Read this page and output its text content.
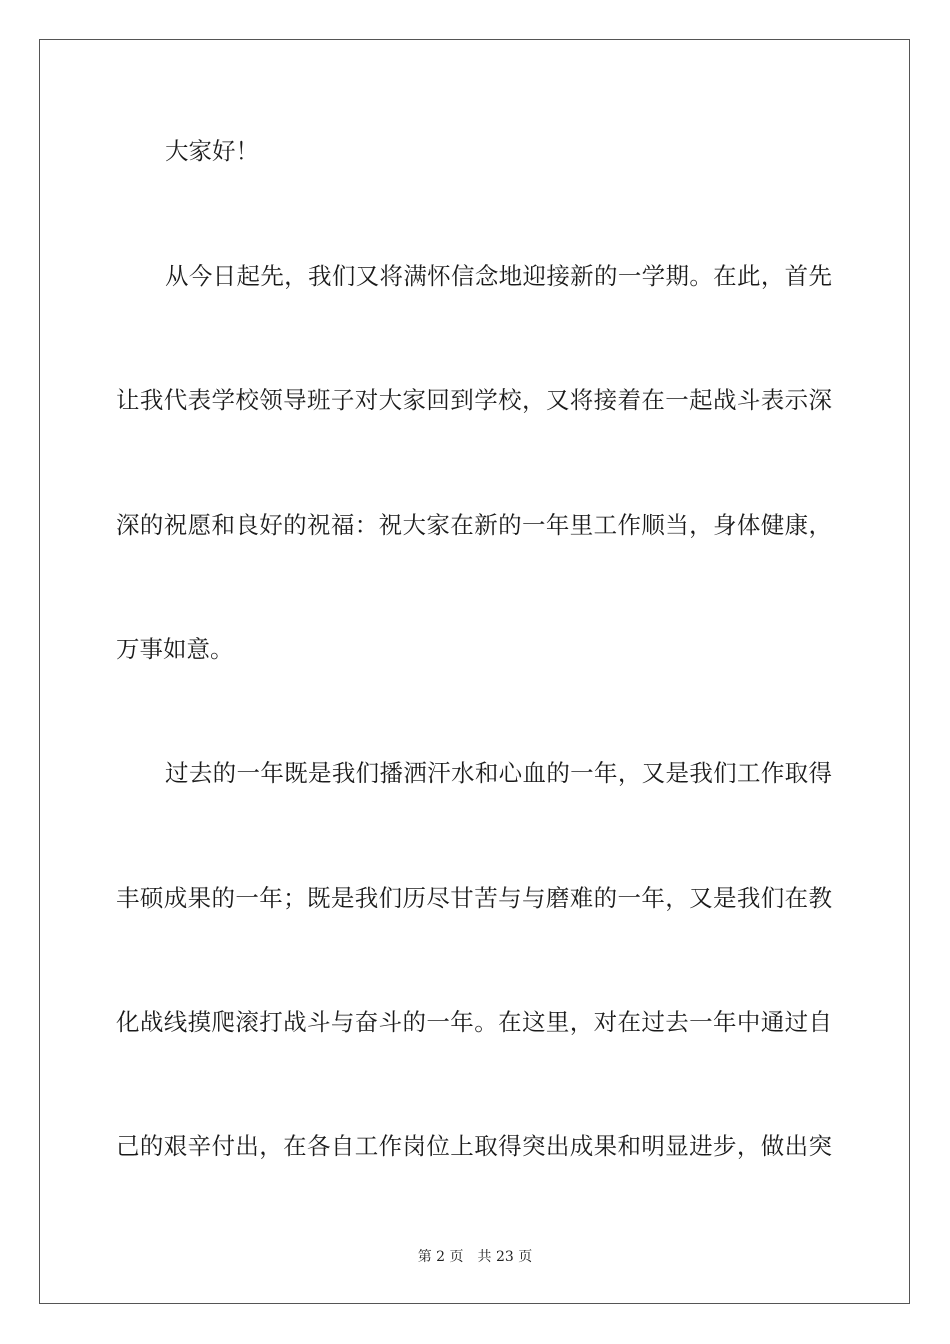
大家好！
从今日起先，我们又将满怀信念地迎接新的一学期。在此，首先
让我代表学校领导班子对大家回到学校，又将接着在一起战斗表示深
深的祝愿和良好的祝福：祝大家在新的一年里工作顺当，身体健康，
万事如意。
过去的一年既是我们播洒汗水和心血的一年，又是我们工作取得
丰硕成果的一年；既是我们历尽甘苦与与磨难的一年，又是我们在教
化战线摸爬滚打战斗与奋斗的一年。在这里，对在过去一年中通过自
己的艰辛付出，在各自工作岗位上取得突出成果和明显进步，做出突
第 2 页 共 23 页
